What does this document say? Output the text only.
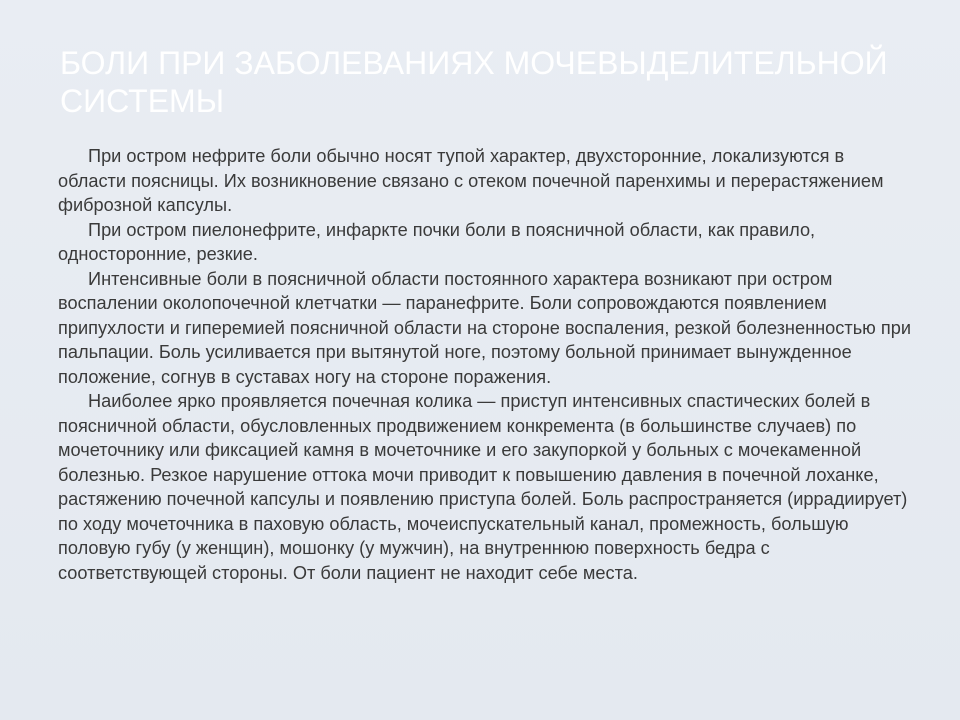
БОЛИ ПРИ ЗАБОЛЕВАНИЯХ МОЧЕВЫДЕЛИТЕЛЬНОЙ СИСТЕМЫ

При остром нефрите боли обычно носят тупой характер, двухсторонние, локализуются в области поясницы. Их возникновение связано с отеком почечной паренхимы и перерастяжением фиброзной капсулы.

При остром пиелонефрите, инфаркте почки боли в поясничной области, как правило, односторонние, резкие.

Интенсивные боли в поясничной области постоянного характера возникают при остром воспалении околопочечной клетчатки — паранефрите. Боли сопровождаются появлением припухлости и гиперемией поясничной области на стороне воспаления, резкой болезненностью при пальпации. Боль усиливается при вытянутой ноге, поэтому больной принимает вынужденное положение, согнув в суставах ногу на стороне поражения.

Наиболее ярко проявляется почечная колика — приступ интенсивных спастических болей в поясничной области, обусловленных продвижением конкремента (в большинстве случаев) по мочеточнику или фиксацией камня в мочеточнике и его закупоркой у больных с мочекаменной болезнью. Резкое нарушение оттока мочи приводит к повышению давления в почечной лоханке, растяжению почечной капсулы и появлению приступа болей. Боль распространяется (иррадиирует) по ходу мочеточника в паховую область, мочеиспускательный канал, промежность, большую половую губу (у женщин), мошонку (у мужчин), на внутреннюю поверхность бедра с соответствующей стороны. От боли пациент не находит себе места.
